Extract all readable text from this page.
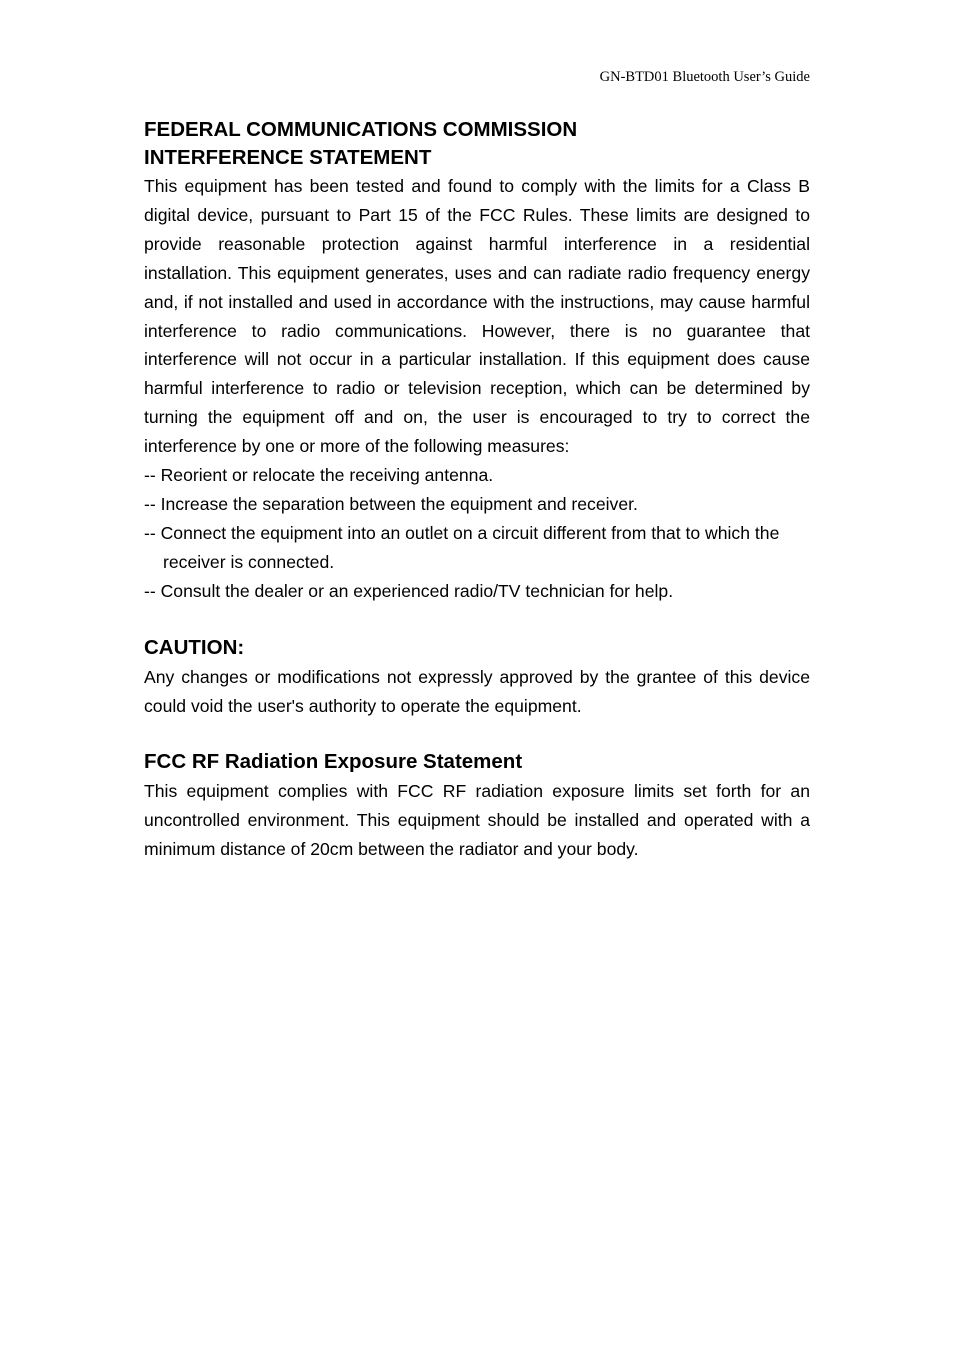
GN-BTD01 Bluetooth User’s Guide
FEDERAL COMMUNICATIONS COMMISSION
INTERFERENCE STATEMENT

This equipment has been tested and found to comply with the limits for a Class B digital device, pursuant to Part 15 of the FCC Rules. These limits are designed to provide reasonable protection against harmful interference in a residential installation. This equipment generates, uses and can radiate radio frequency energy and, if not installed and used in accordance with the instructions, may cause harmful interference to radio communications. However, there is no guarantee that interference will not occur in a particular installation. If this equipment does cause harmful interference to radio or television reception, which can be determined by turning the equipment off and on, the user is encouraged to try to correct the interference by one or more of the following measures:

-- Reorient or relocate the receiving antenna.
-- Increase the separation between the equipment and receiver.
-- Connect the equipment into an outlet on a circuit different from that to which the receiver is connected.
-- Consult the dealer or an experienced radio/TV technician for help.
CAUTION:

Any changes or modifications not expressly approved by the grantee of this device could void the user's authority to operate the equipment.

FCC RF Radiation Exposure Statement

This equipment complies with FCC RF radiation exposure limits set forth for an uncontrolled environment. This equipment should be installed and operated with a minimum distance of 20cm between the radiator and your body.
